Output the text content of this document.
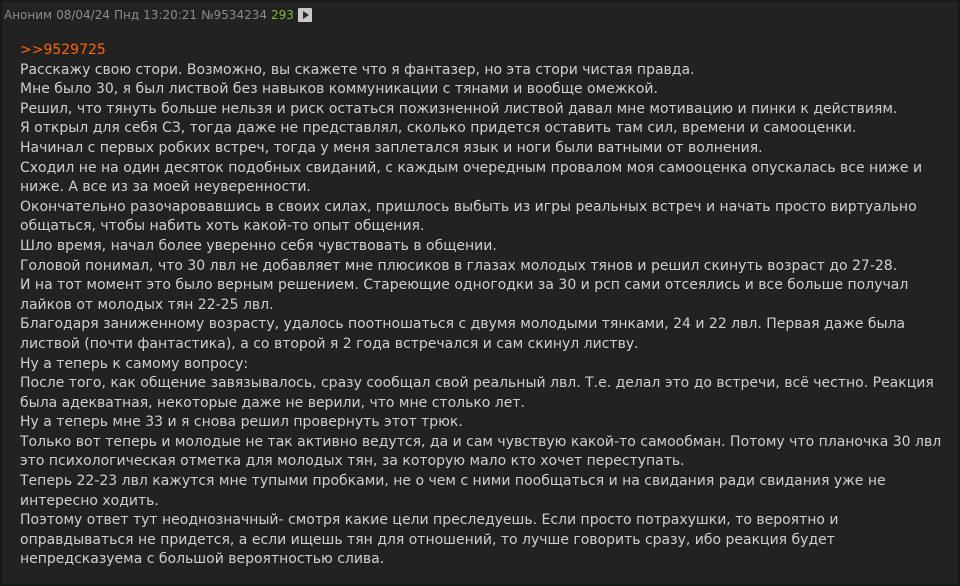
Аноним 08/04/24 Пнд 13:20:21 №9534234 293

>>9529725

Расскажу свою стори. Возможно, вы скажете что я фантазер, но эта стори чистая правда.

Мне было 30, я был листвой без навыков коммуникации с тянами и вообще омежкой.

Решил, что тянуть больше нельзя и риск остаться пожизненной листвой давал мне мотивацию и пинки к действиям.

Я открыл для себя СЗ, тогда даже не представлял, сколько придется оставить там сил, времени и самооценки.

Начинал с первых робких встреч, тогда у меня заплетался язык и ноги были ватными от волнения.

Сходил не на один десяток подобных свиданий, с каждым очередным провалом моя самооценка опускалась все ниже и ниже. А все из за моей неуверенности.

Окончательно разочаровавшись в своих силах, пришлось выбыть из игры реальных встреч и начать просто виртуально общаться, чтобы набить хоть какой-то опыт общения.

Шло время, начал более уверенно себя чувствовать в общении.

Головой понимал, что 30 лвл не добавляет мне плюсиков в глазах молодых тянов и решил скинуть возраст до 27-28.

И на тот момент это было верным решением. Стареющие одногодки за 30 и рсп сами отсеялись и все больше получал лайков от молодых тян 22-25 лвл.

Благодаря заниженному возрасту, удалось поотношаться с двумя молодыми тянками, 24 и 22 лвл. Первая даже была листвой (почти фантастика), а со второй я 2 года встречался и сам скинул листву.

Ну а теперь к самому вопросу:

После того, как общение завязывалось, сразу сообщал свой реальный лвл. Т.е. делал это до встречи, всё честно. Реакция была адекватная, некоторые даже не верили, что мне столько лет.

Ну а теперь мне 33 и я снова решил провернуть этот трюк.

Только вот теперь и молодые не так активно ведутся, да и сам чувствую какой-то самообман. Потому что планочка 30 лвл это психологическая отметка для молодых тян, за которую мало кто хочет переступать.

Теперь 22-23 лвл кажутся мне тупыми пробками, не о чем с ними пообщаться и на свидания ради свидания уже не интересно ходить.

Поэтому ответ тут неоднозначный- смотря какие цели преследуешь. Если просто потрахушки, то вероятно и оправдываться не придется, а если ищешь тян для отношений, то лучше говорить сразу, ибо реакция будет непредсказуема с большой вероятностью слива.
